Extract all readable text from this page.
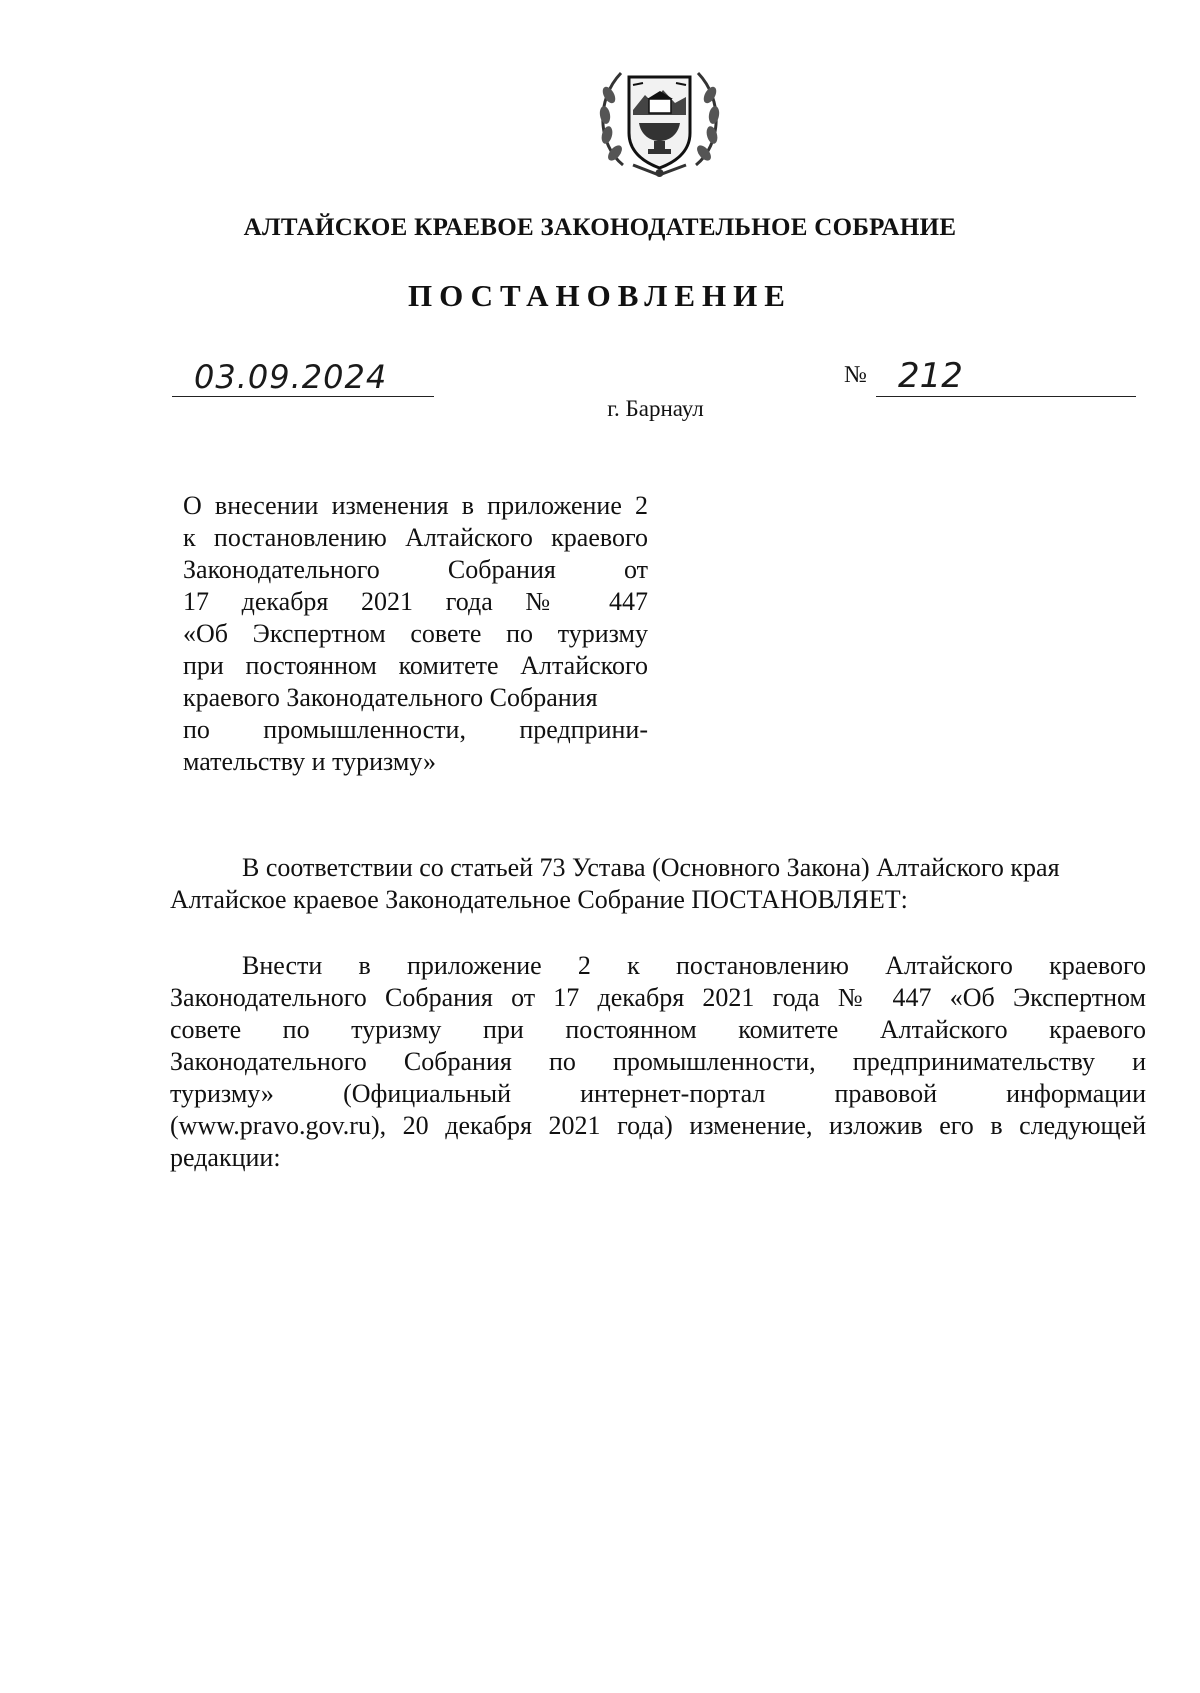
АЛТАЙСКОЕ КРАЕВОЕ ЗАКОНОДАТЕЛЬНОЕ СОБРАНИЕ
ПОСТАНОВЛЕНИЕ
03.09.2024	№ 212
г. Барнаул
О внесении изменения в приложение 2
к постановлению Алтайского краевого
Законодательного Собрания от
17 декабря 2021 года № 447
«Об Экспертном совете по туризму
при постоянном комитете Алтайского
краевого Законодательного Собрания
по промышленности, предприни-
мательству и туризму»
В соответствии со статьей 73 Устава (Основного Закона) Алтайского края
Алтайское краевое Законодательное Собрание ПОСТАНОВЛЯЕТ:
Внести в приложение 2 к постановлению Алтайского краевого
Законодательного Собрания от 17 декабря 2021 года № 447 «Об Экспертном
совете по туризму при постоянном комитете Алтайского краевого
Законодательного Собрания по промышленности, предпринимательству и
туризму» (Официальный интернет-портал правовой информации
(www.pravo.gov.ru), 20 декабря 2021 года) изменение, изложив его в следующей
редакции:
